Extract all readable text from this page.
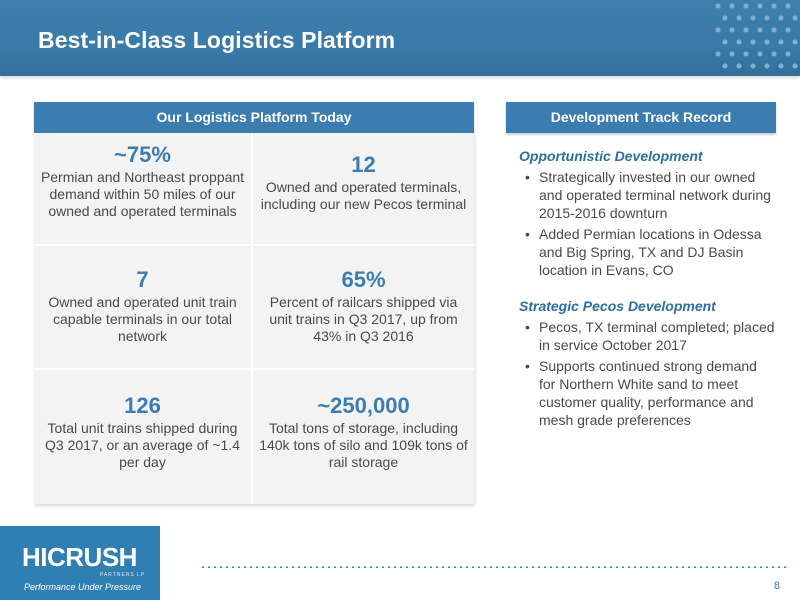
Best-in-Class Logistics Platform
Our Logistics Platform Today
~75%
Permian and Northeast proppant demand within 50 miles of our owned and operated terminals
12
Owned and operated terminals, including our new Pecos terminal
7
Owned and operated unit train capable terminals in our total network
65%
Percent of railcars shipped via unit trains in Q3 2017, up from 43% in Q3 2016
126
Total unit trains shipped during Q3 2017, or an average of ~1.4 per day
~250,000
Total tons of storage, including 140k tons of silo and 109k tons of rail storage
Development Track Record
Opportunistic Development
• Strategically invested in our owned and operated terminal network during 2015-2016 downturn
• Added Permian locations in Odessa and Big Spring, TX and DJ Basin location in Evans, CO
Strategic Pecos Development
• Pecos, TX terminal completed; placed in service October 2017
• Supports continued strong demand for Northern White sand to meet customer quality, performance and mesh grade preferences
HICRUSH
PARTNERS LP
Performance Under Pressure	8
